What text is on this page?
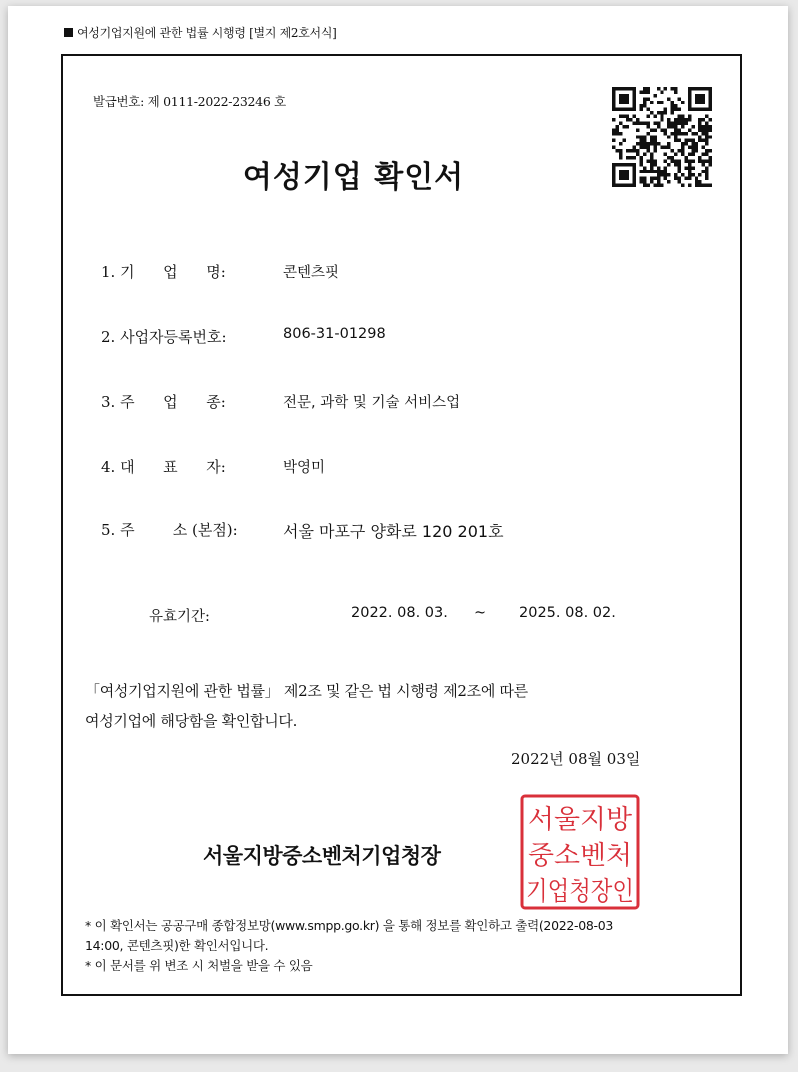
여성기업지원에 관한 법률 시행령 [별지 제2호서식]
발급번호: 제 0111-2022-23246 호
여성기업 확인서
1. 기      업      명:	콘텐츠핏
2. 사업자등록번호:	806-31-01298
3. 주      업      종:	전문, 과학 및 기술 서비스업
4. 대      표      자:	박영미
5. 주        소 (본점):	서울 마포구 양화로 120 201호
유효기간:	2022. 08. 03. ~ 2025. 08. 02.
「여성기업지원에 관한 법률」 제2조 및 같은 법 시행령 제2조에 따른
여성기업에 해당함을 확인합니다.
2022년 08월 03일
서울지방중소벤처기업청장
서울지방
중소벤처
기업청장인
* 이 확인서는 공공구매 종합정보망(www.smpp.go.kr) 을 통해 정보를 확인하고 출력(2022-08-03
14:00, 콘텐츠핏)한 확인서입니다.
* 이 문서를 위 변조 시 처벌을 받을 수 있음
